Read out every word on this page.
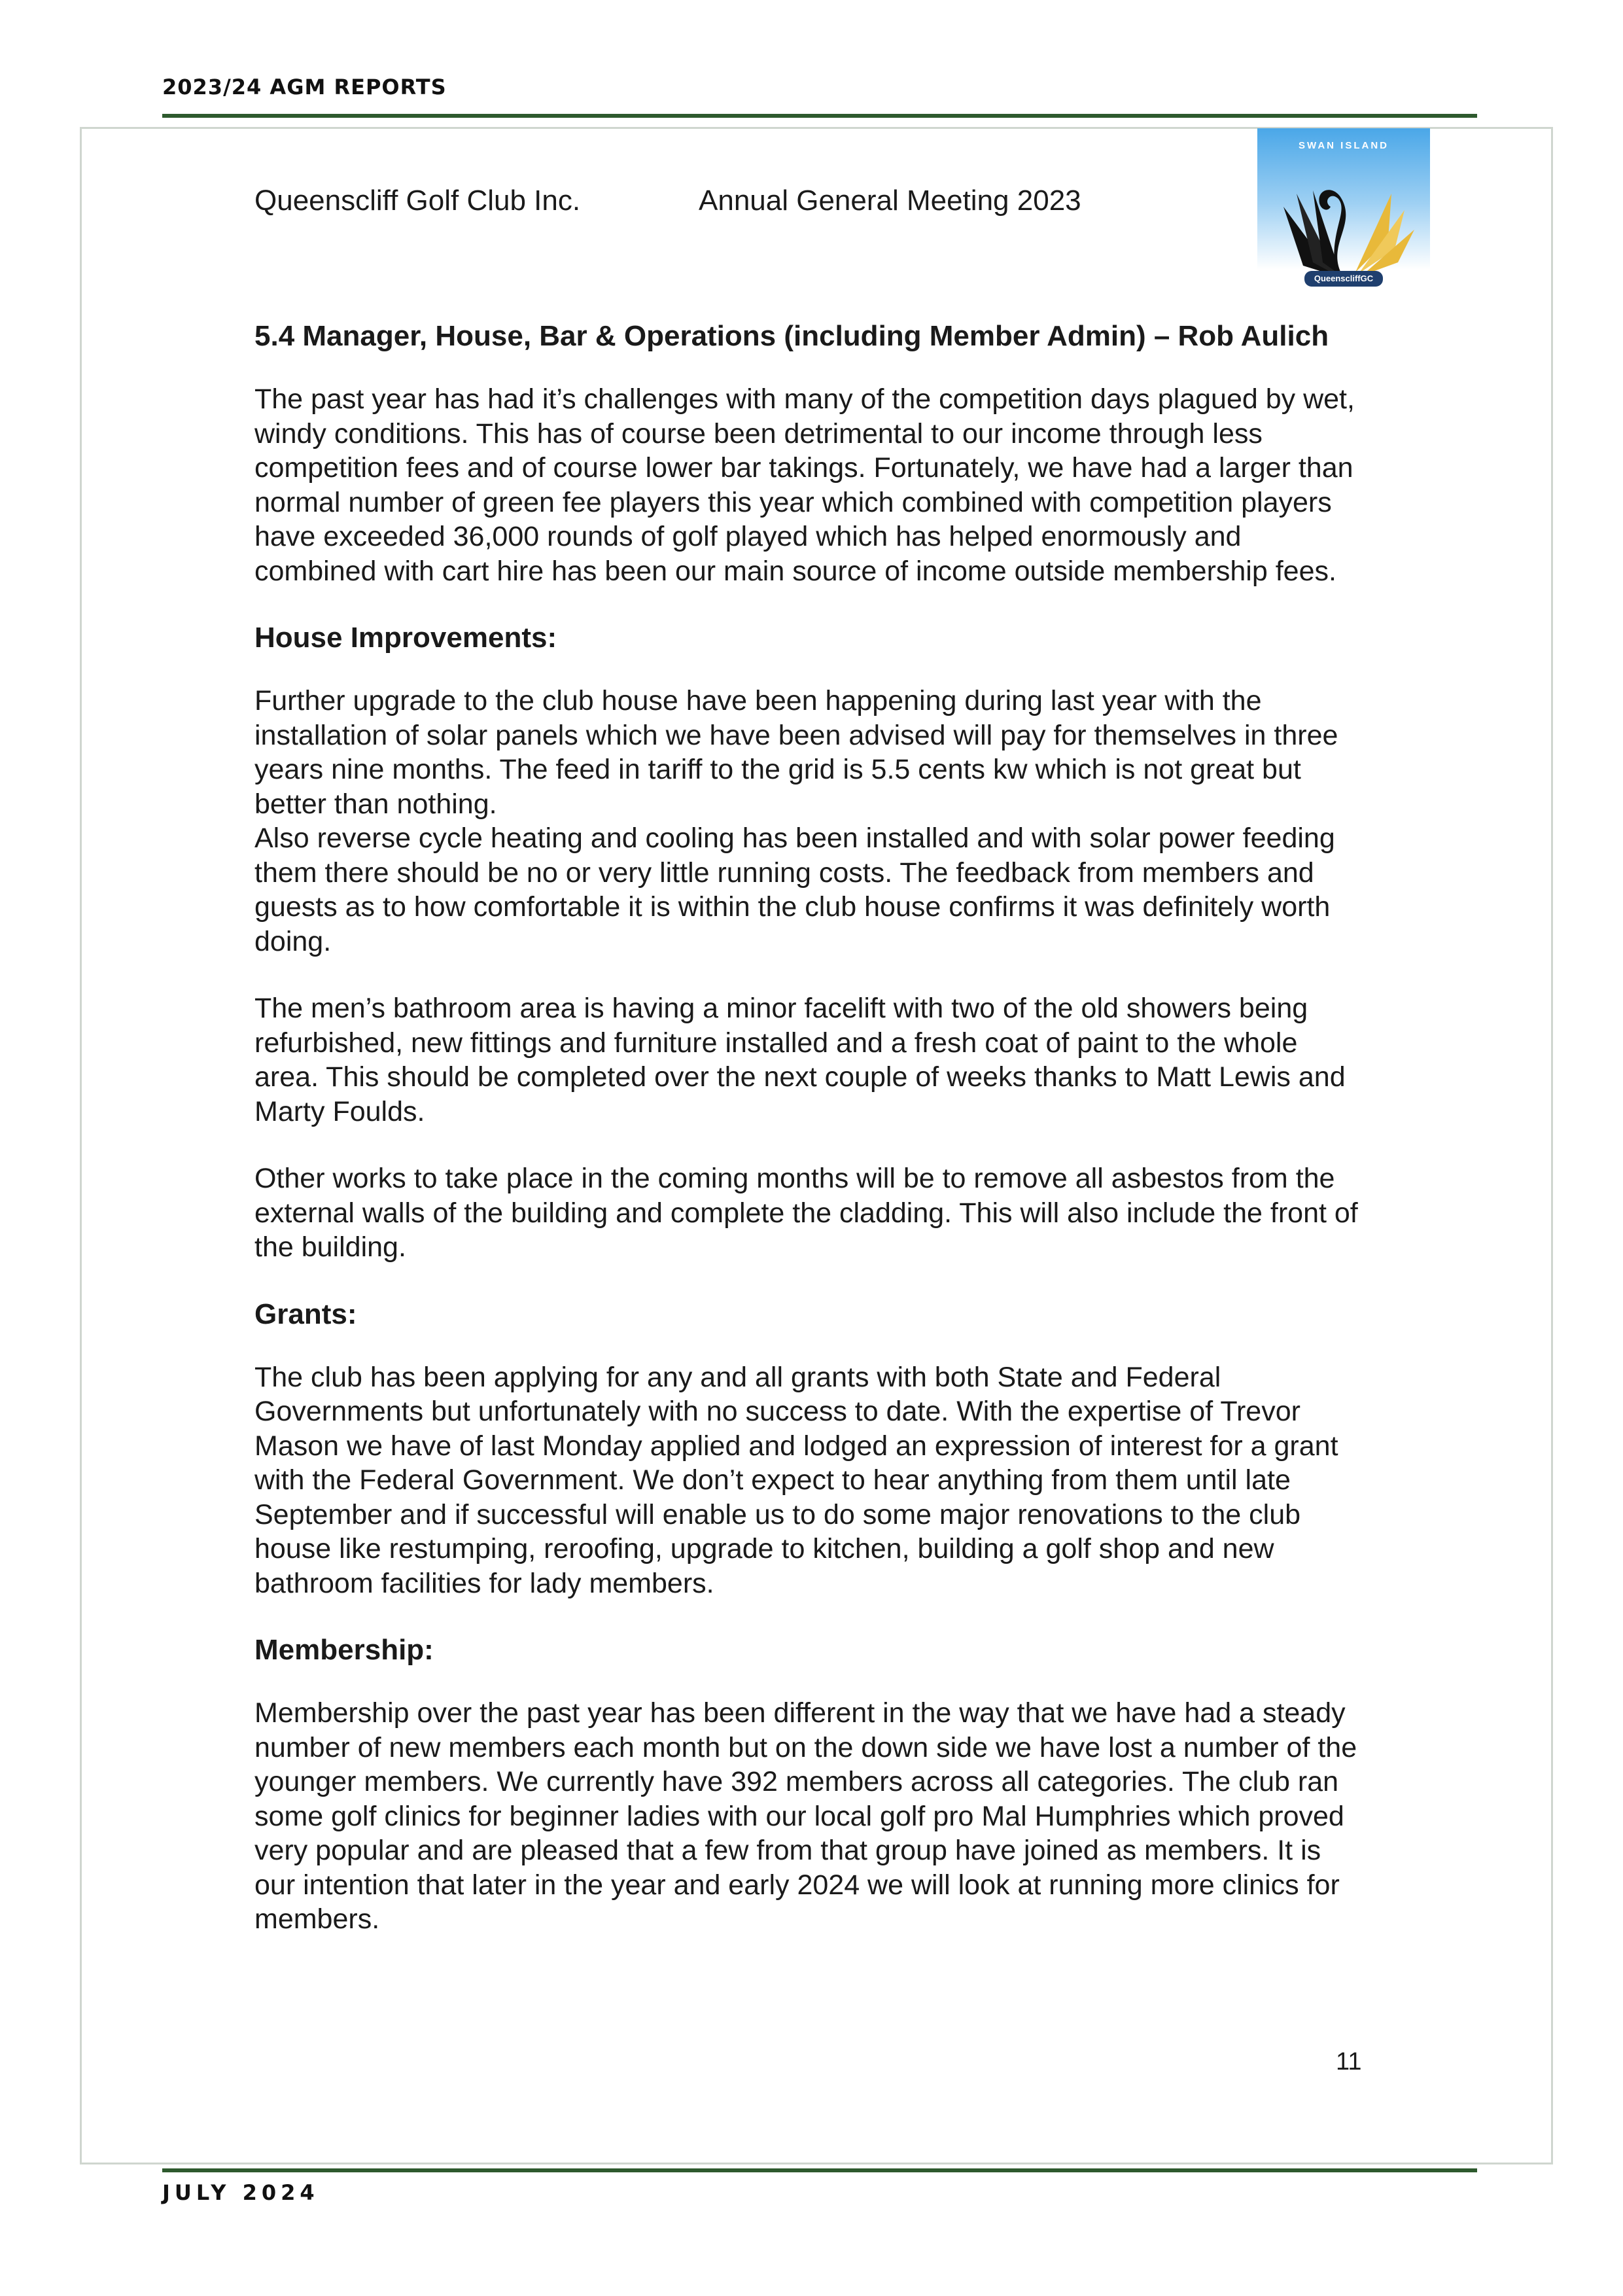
2023/24 AGM REPORTS
Queenscliff Golf Club Inc.	Annual General Meeting 2023
SWAN ISLAND
QueenscliffGC
5.4 Manager, House, Bar & Operations (including Member Admin) – Rob Aulich

The past year has had it’s challenges with many of the competition days plagued by wet, windy conditions. This has of course been detrimental to our income through less competition fees and of course lower bar takings. Fortunately, we have had a larger than normal number of green fee players this year which combined with competition players have exceeded 36,000 rounds of golf played which has helped enormously and combined with cart hire has been our main source of income outside membership fees.

House Improvements:

Further upgrade to the club house have been happening during last year with the installation of solar panels which we have been advised will pay for themselves in three years nine months. The feed in tariff to the grid is 5.5 cents kw which is not great but better than nothing.

Also reverse cycle heating and cooling has been installed and with solar power feeding them there should be no or very little running costs. The feedback from members and guests as to how comfortable it is within the club house confirms it was definitely worth doing.

The men’s bathroom area is having a minor facelift with two of the old showers being refurbished, new fittings and furniture installed and a fresh coat of paint to the whole area. This should be completed over the next couple of weeks thanks to Matt Lewis and Marty Foulds.

Other works to take place in the coming months will be to remove all asbestos from the external walls of the building and complete the cladding. This will also include the front of the building.

Grants:

The club has been applying for any and all grants with both State and Federal Governments but unfortunately with no success to date. With the expertise of Trevor Mason we have of last Monday applied and lodged an expression of interest for a grant with the Federal Government. We don’t expect to hear anything from them until late September and if successful will enable us to do some major renovations to the club house like restumping, reroofing, upgrade to kitchen, building a golf shop and new bathroom facilities for lady members.

Membership:

Membership over the past year has been different in the way that we have had a steady number of new members each month but on the down side we have lost a number of the younger members. We currently have 392 members across all categories. The club ran some golf clinics for beginner ladies with our local golf pro Mal Humphries which proved very popular and are pleased that a few from that group have joined as members. It is our intention that later in the year and early 2024 we will look at running more clinics for members.

11
JULY 2024
